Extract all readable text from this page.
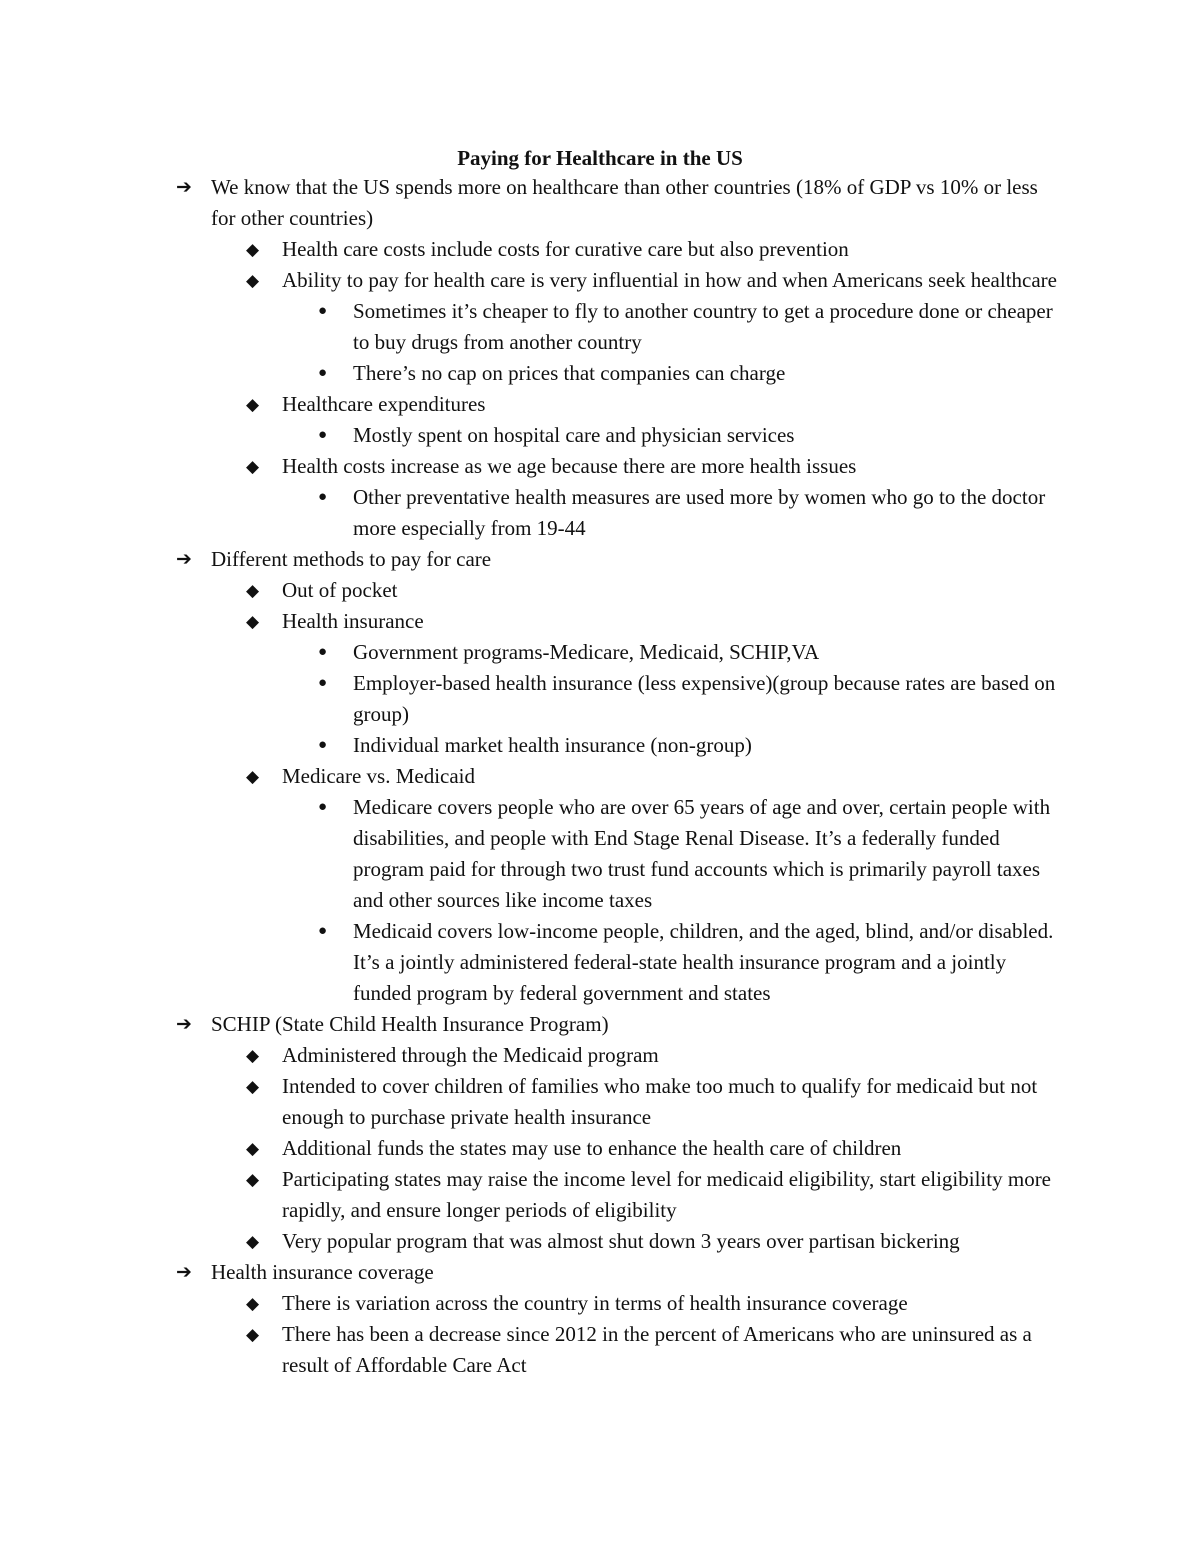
Paying for Healthcare in the US

➔ We know that the US spends more on healthcare than other countries (18% of GDP vs 10% or less for other countries)

◆ Health care costs include costs for curative care but also prevention

◆ Ability to pay for health care is very influential in how and when Americans seek healthcare

● Sometimes it’s cheaper to fly to another country to get a procedure done or cheaper to buy drugs from another country

● There’s no cap on prices that companies can charge

◆ Healthcare expenditures

● Mostly spent on hospital care and physician services

◆ Health costs increase as we age because there are more health issues

● Other preventative health measures are used more by women who go to the doctor more especially from 19-44

➔ Different methods to pay for care

◆ Out of pocket

◆ Health insurance

● Government programs-Medicare, Medicaid, SCHIP,VA

● Employer-based health insurance (less expensive)(group because rates are based on group)

● Individual market health insurance (non-group)

◆ Medicare vs. Medicaid

● Medicare covers people who are over 65 years of age and over, certain people with disabilities, and people with End Stage Renal Disease. It’s a federally funded program paid for through two trust fund accounts which is primarily payroll taxes and other sources like income taxes

● Medicaid covers low-income people, children, and the aged, blind, and/or disabled. It’s a jointly administered federal-state health insurance program and a jointly funded program by federal government and states

➔ SCHIP (State Child Health Insurance Program)

◆ Administered through the Medicaid program

◆ Intended to cover children of families who make too much to qualify for medicaid but not enough to purchase private health insurance

◆ Additional funds the states may use to enhance the health care of children

◆ Participating states may raise the income level for medicaid eligibility, start eligibility more rapidly, and ensure longer periods of eligibility

◆ Very popular program that was almost shut down 3 years over partisan bickering

➔ Health insurance coverage

◆ There is variation across the country in terms of health insurance coverage

◆ There has been a decrease since 2012 in the percent of Americans who are uninsured as a result of Affordable Care Act
